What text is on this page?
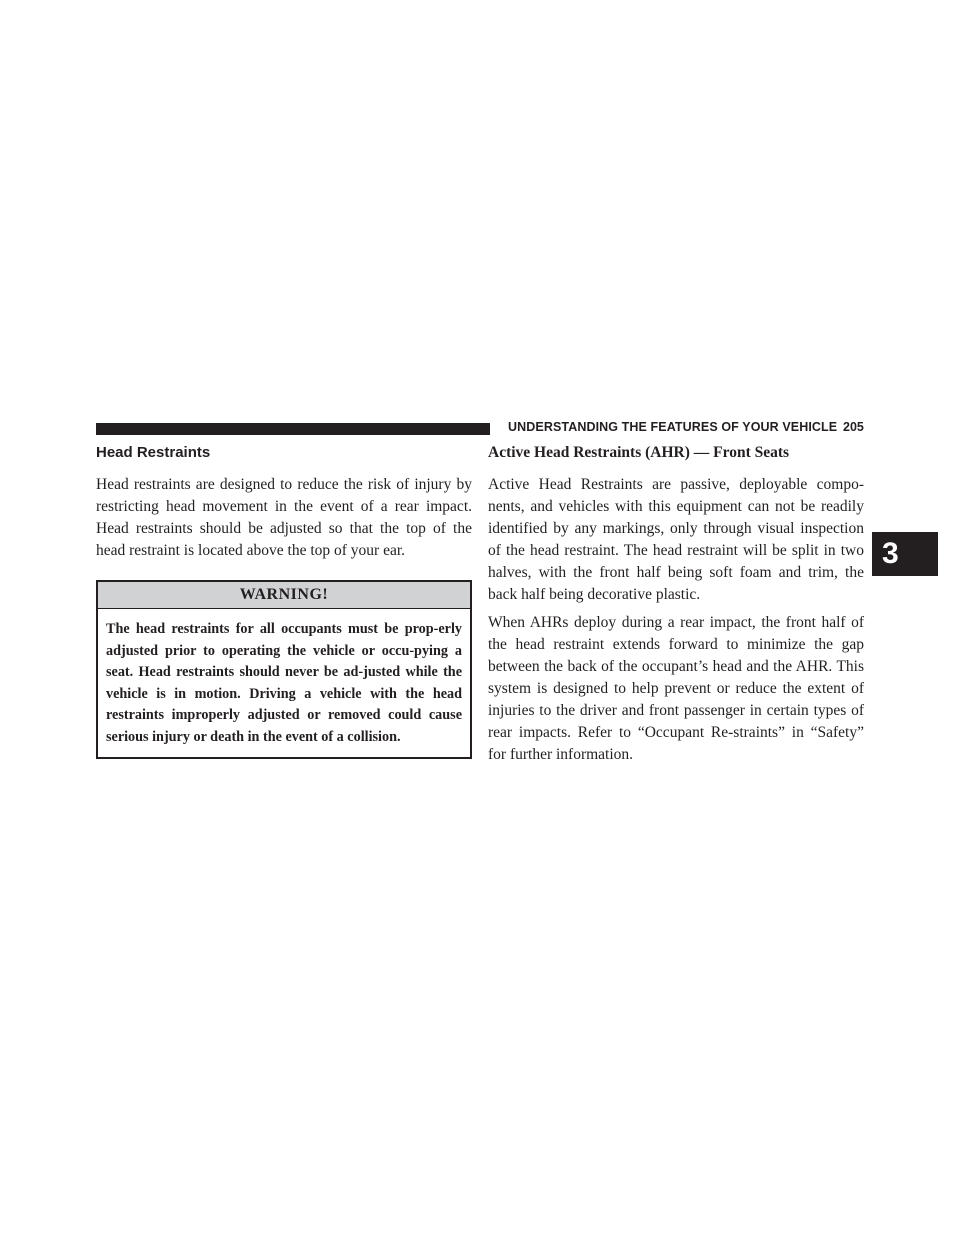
UNDERSTANDING THE FEATURES OF YOUR VEHICLE 205
3
Head Restraints

Head restraints are designed to reduce the risk of injury by restricting head movement in the event of a rear impact. Head restraints should be adjusted so that the top of the head restraint is located above the top of your ear.

WARNING!

The head restraints for all occupants must be prop-erly adjusted prior to operating the vehicle or occu-pying a seat. Head restraints should never be ad-justed while the vehicle is in motion. Driving a vehicle with the head restraints improperly adjusted or removed could cause serious injury or death in the event of a collision.

Active Head Restraints (AHR) — Front Seats

Active Head Restraints are passive, deployable compo-nents, and vehicles with this equipment can not be readily identified by any markings, only through visual inspection of the head restraint. The head restraint will be split in two halves, with the front half being soft foam and trim, the back half being decorative plastic.

When AHRs deploy during a rear impact, the front half of the head restraint extends forward to minimize the gap between the back of the occupant’s head and the AHR. This system is designed to help prevent or reduce the extent of injuries to the driver and front passenger in certain types of rear impacts. Refer to “Occupant Re-straints” in “Safety” for further information.
